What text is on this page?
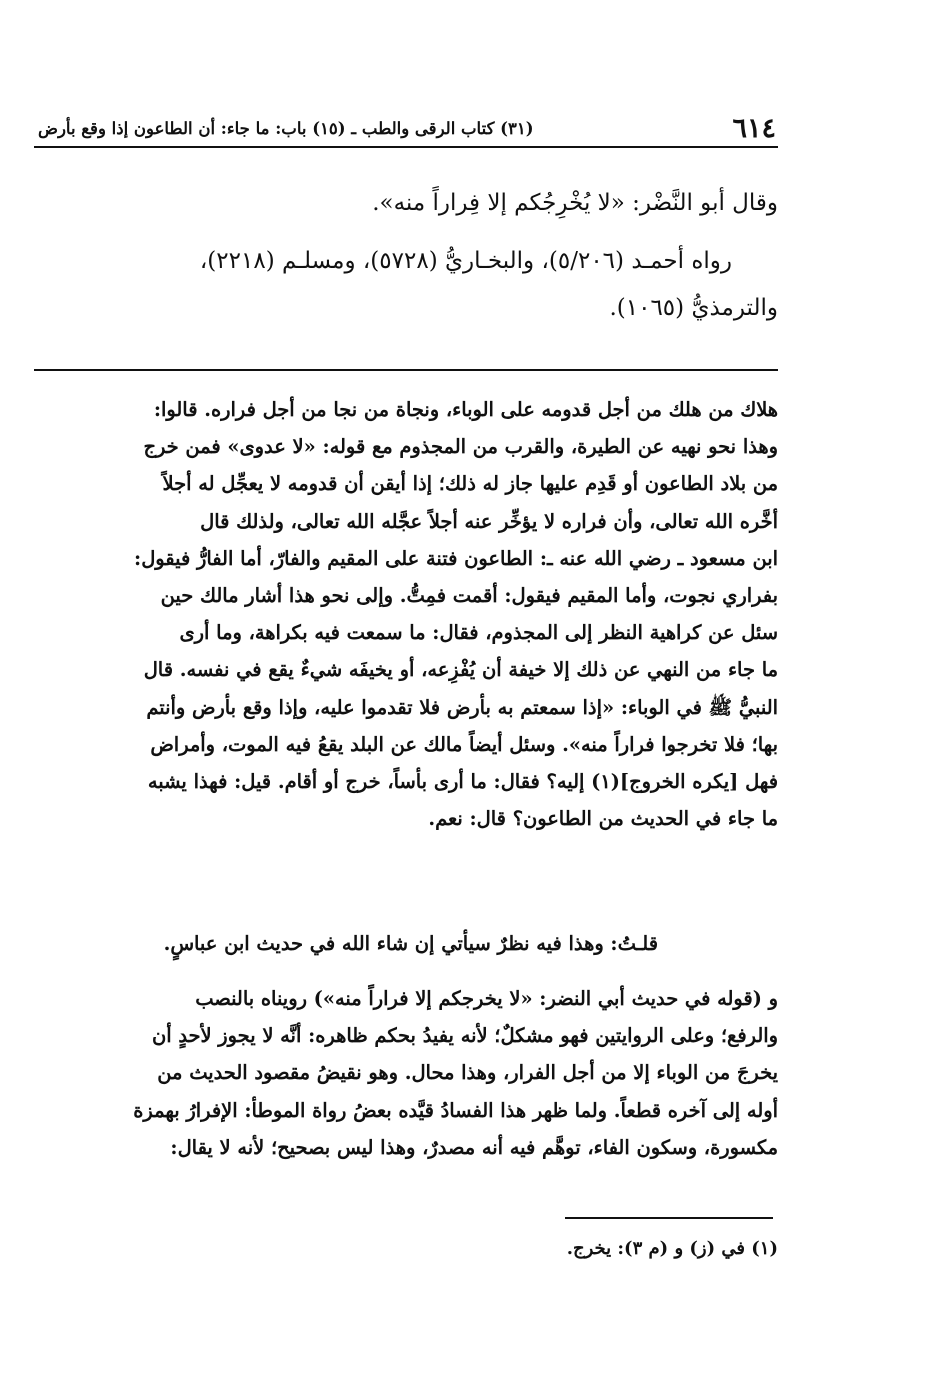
٦١٤
(٣١) كتاب الرقى والطب ـ (١٥) باب: ما جاء: أن الطاعون إذا وقع بأرض

وقال أبو النَّضْر: «لا يُخْرِجُكم إلا فِراراً منه».

رواه أحمـد (٥/٢٠٦)، والبخـاريُّ (٥٧٢٨)، ومسلـم (٢٢١٨)،
والترمذيُّ (١٠٦٥).
هلاك من هلك من أجل قدومه على الوباء، ونجاة من نجا من أجل فراره. قالوا:
وهذا نحو نهيه عن الطيرة، والقرب من المجذوم مع قوله: «لا عدوى» فمن خرج
من بلاد الطاعون أو قَدِم عليها جاز له ذلك؛ إذا أيقن أن قدومه لا يعجِّل له أجلاً
أخَّره الله تعالى، وأن فراره لا يؤخِّر عنه أجلاً عجَّله الله تعالى، ولذلك قال
ابن مسعود ـ رضي الله عنه ـ: الطاعون فتنة على المقيم والفارّ، أما الفارُّ فيقول:
بفراري نجوت، وأما المقيم فيقول: أقمت فمِتُّ. وإلى نحو هذا أشار مالك حين
سئل عن كراهية النظر إلى المجذوم، فقال: ما سمعت فيه بكراهة، وما أرى
ما جاء من النهي عن ذلك إلا خيفة أن يُفْزِعه، أو يخيفَه شيءٌ يقع في نفسه. قال
النبيُّ ﷺ في الوباء: «إذا سمعتم به بأرض فلا تقدموا عليه، وإذا وقع بأرض وأنتم
بها؛ فلا تخرجوا فراراً منه». وسئل أيضاً مالك عن البلد يقعُ فيه الموت، وأمراض
فهل [يكره الخروج](١) إليه؟ فقال: ما أرى بأساً، خرج أو أقام. قيل: فهذا يشبه
ما جاء في الحديث من الطاعون؟ قال: نعم.
قلـتُ: وهذا فيه نظرٌ سيأتي إن شاء الله في حديث ابن عباسٍ.
و (قوله في حديث أبي النضر: «لا يخرجكم إلا فراراً منه») رويناه بالنصب
والرفع؛ وعلى الروايتين فهو مشكلٌ؛ لأنه يفيدُ بحكم ظاهره: أنَّه لا يجوز لأحدٍ أن
يخرجَ من الوباء إلا من أجل الفرار، وهذا محال. وهو نقيضُ مقصود الحديث من
أوله إلى آخره قطعاً. ولما ظهر هذا الفسادُ قيَّده بعضُ رواة الموطأ: الإفرارُ بهمزة
مكسورة، وسكون الفاء، توهَّم فيه أنه مصدرٌ، وهذا ليس بصحيح؛ لأنه لا يقال:
(١) في (ز) و (م ٣): يخرج.
